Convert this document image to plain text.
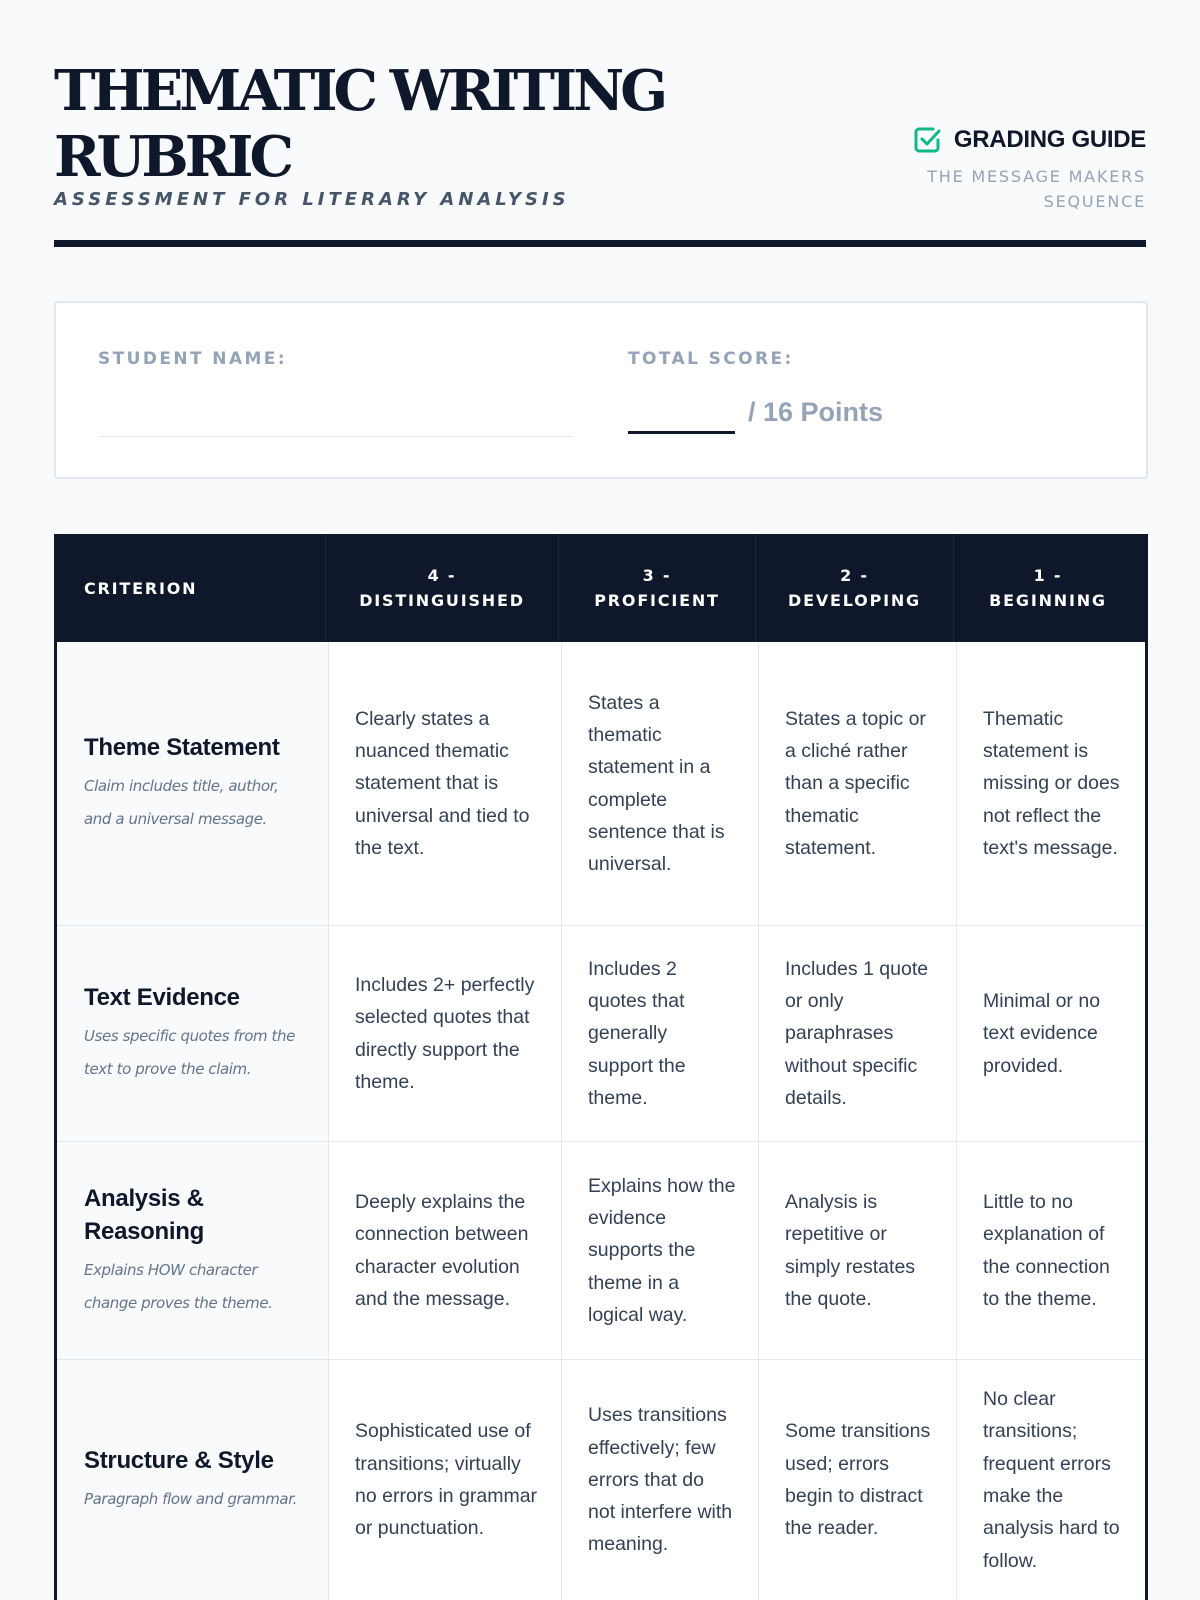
THEMATIC WRITING RUBRIC
ASSESSMENT FOR LITERARY ANALYSIS
GRADING GUIDE
THE MESSAGE MAKERS
SEQUENCE
STUDENT NAME:	TOTAL SCORE:
/ 16 Points
CRITERION
4 - DISTINGUISHED
3 - PROFICIENT
2 - DEVELOPING
1 - BEGINNING
Theme Statement
Claim includes title, author, and a universal message.
Clearly states a nuanced thematic statement that is universal and tied to the text.
States a thematic statement in a complete sentence that is universal.
States a topic or a cliché rather than a specific thematic statement.
Thematic statement is missing or does not reflect the text's message.
Text Evidence
Uses specific quotes from the text to prove the claim.
Includes 2+ perfectly selected quotes that directly support the theme.
Includes 2 quotes that generally support the theme.
Includes 1 quote or only paraphrases without specific details.
Minimal or no text evidence provided.
Analysis & Reasoning
Explains HOW character change proves the theme.
Deeply explains the connection between character evolution and the message.
Explains how the evidence supports the theme in a logical way.
Analysis is repetitive or simply restates the quote.
Little to no explanation of the connection to the theme.
Structure & Style
Paragraph flow and grammar.
Sophisticated use of transitions; virtually no errors in grammar or punctuation.
Uses transitions effectively; few errors that do not interfere with meaning.
Some transitions used; errors begin to distract the reader.
No clear transitions; frequent errors make the analysis hard to follow.
